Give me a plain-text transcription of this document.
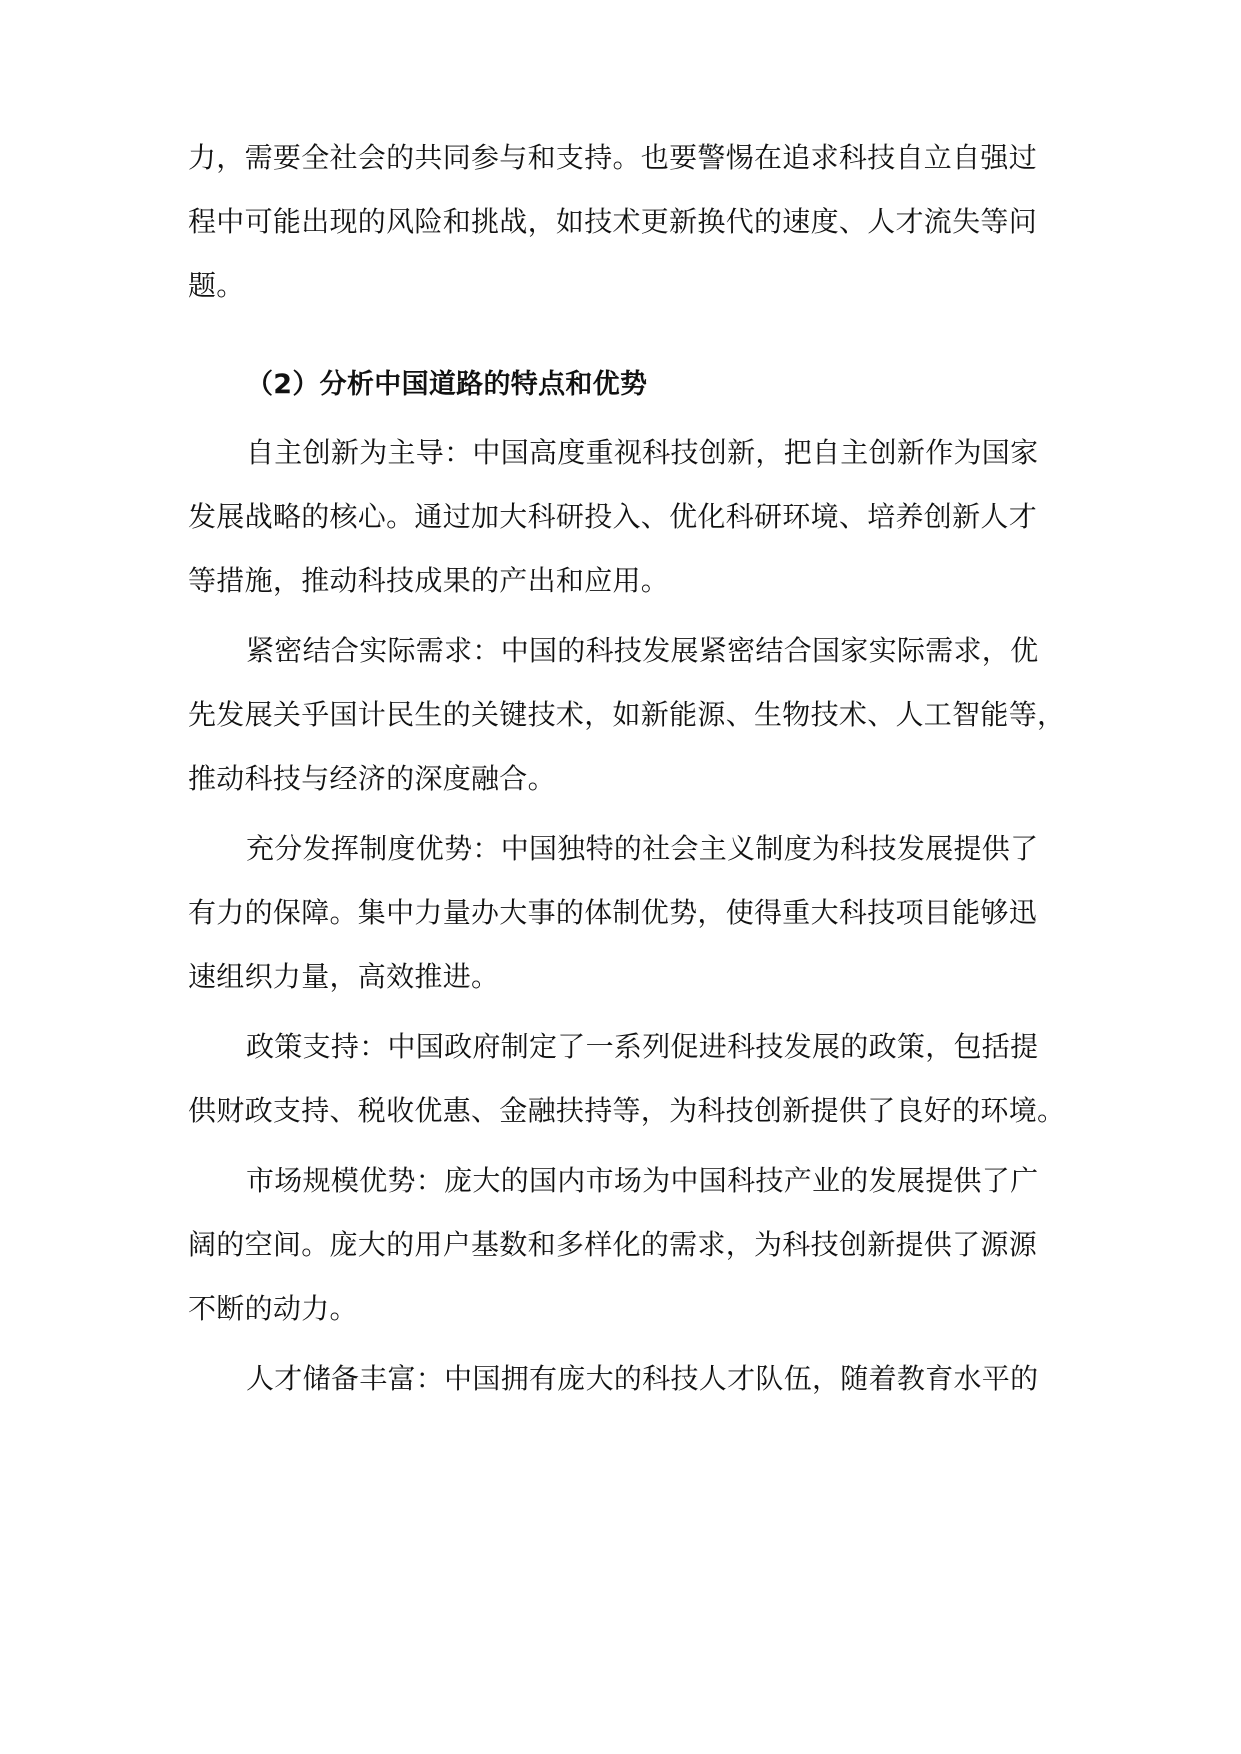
力，需要全社会的共同参与和支持。也要警惕在追求科技自立自强过
程中可能出现的风险和挑战，如技术更新换代的速度、人才流失等问
题。
（2）分析中国道路的特点和优势
自主创新为主导：中国高度重视科技创新，把自主创新作为国家
发展战略的核心。通过加大科研投入、优化科研环境、培养创新人才
等措施，推动科技成果的产出和应用。
紧密结合实际需求：中国的科技发展紧密结合国家实际需求，优
先发展关乎国计民生的关键技术，如新能源、生物技术、人工智能等，
推动科技与经济的深度融合。
充分发挥制度优势：中国独特的社会主义制度为科技发展提供了
有力的保障。集中力量办大事的体制优势，使得重大科技项目能够迅
速组织力量，高效推进。
政策支持：中国政府制定了一系列促进科技发展的政策，包括提
供财政支持、税收优惠、金融扶持等，为科技创新提供了良好的环境。
市场规模优势：庞大的国内市场为中国科技产业的发展提供了广
阔的空间。庞大的用户基数和多样化的需求，为科技创新提供了源源
不断的动力。
人才储备丰富：中国拥有庞大的科技人才队伍，随着教育水平的
